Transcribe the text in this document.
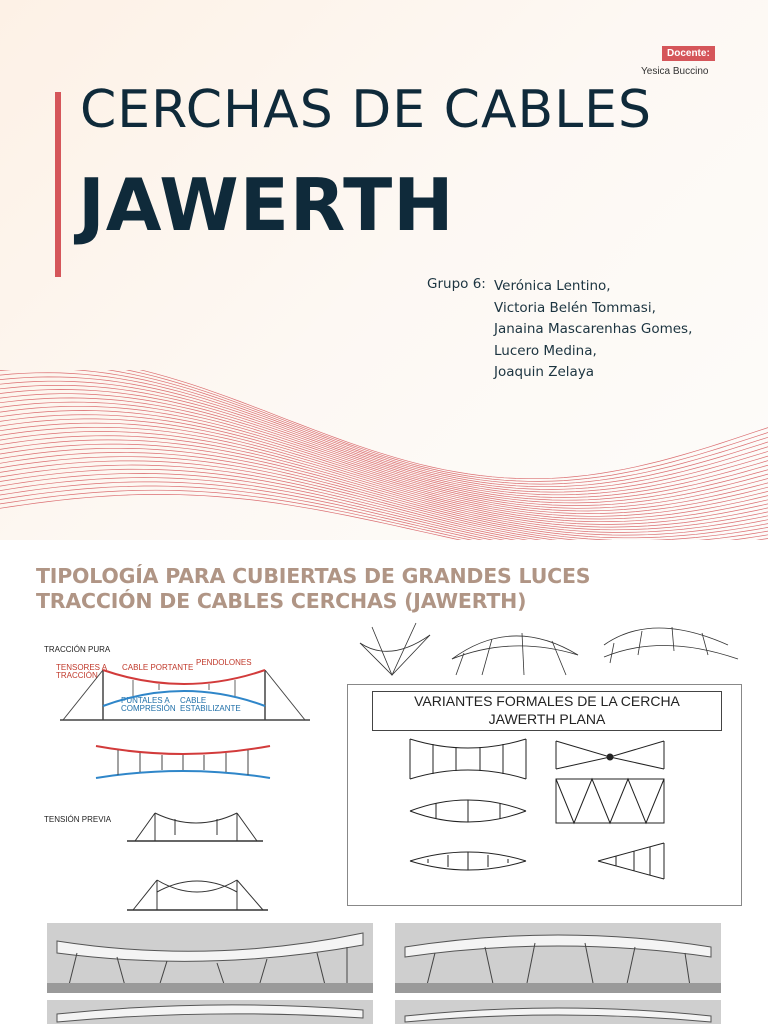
Docente:
Yesica Buccino
CERCHAS DE CABLES
JAWERTH
Grupo 6: Verónica Lentino,
Victoria Belén Tommasi,
Janaina Mascarenhas Gomes,
Lucero Medina,
Joaquin Zelaya
TIPOLOGÍA PARA CUBIERTAS DE GRANDES LUCES
TRACCIÓN DE CABLES CERCHAS (JAWERTH)
TRACCIÓN PURA
TENSORES A TRACCIÓN
CABLE PORTANTE
PENDOLONES
PUNTALES A COMPRESIÓN
CABLE ESTABILIZANTE
TENSIÓN PREVIA
VARIANTES FORMALES DE LA CERCHA
JAWERTH PLANA
